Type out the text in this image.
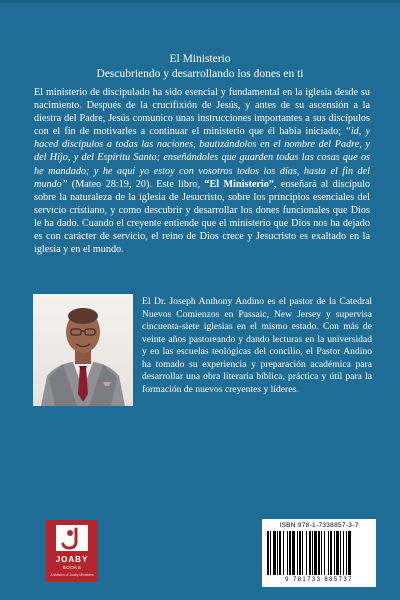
El Ministerio
Descubriendo y desarrollando los dones en ti

El ministerio de discipulado ha sido esencial y fundamental en la iglesia desde su nacimiento. Después de la crucifixión de Jesús, y antes de su ascensión a la diestra del Padre, Jesús comunico unas instrucciones importantes a sus discípulos con el fin de motivarles a continuar el ministerio que él había iniciado; “id, y haced discípulos a todas las naciones, bautizándolos en el nombre del Padre, y del Hijo, y del Espíritu Santo; enseñándoles que guarden todas las cosas que os he mandado; y he aquí yo estoy con vosotros todos los días, hasta el fin del mundo” (Mateo 28:19, 20). Este libro, “El Ministerio”, enseñará al discípulo sobre la naturaleza de la iglesia de Jesucristo, sobre los principios esenciales del servicio cristiano, y como descubrir y desarrollar los dones funcionales que Dios le ha dado. Cuando el creyente entiende que el ministerio que Dios nos ha dejado es con carácter de servicio, el reino de Dios crece y Jesucristo es exaltado en la iglesia y en el mundo.

El Dr. Joseph Anthony Andino es el pastor de la Catedral Nuevos Comienzos en Passaic, New Jersey y supervisa cincuenta-siete iglesias en el mismo estado. Con más de veinte años pastoreando y dando lecturas en la universidad y en las escuelas teológicas del concilio, el Pastor Andino ha tomado su experiencia y preparación académica para desarrollar una obra literaria bíblica, práctica y útil para la formación de nuevos creyentes y líderes.

JOABY
BOOKS
A division of Joaby Ministries
ISBN 978-1-7338857-3-7
9 781733 885737
